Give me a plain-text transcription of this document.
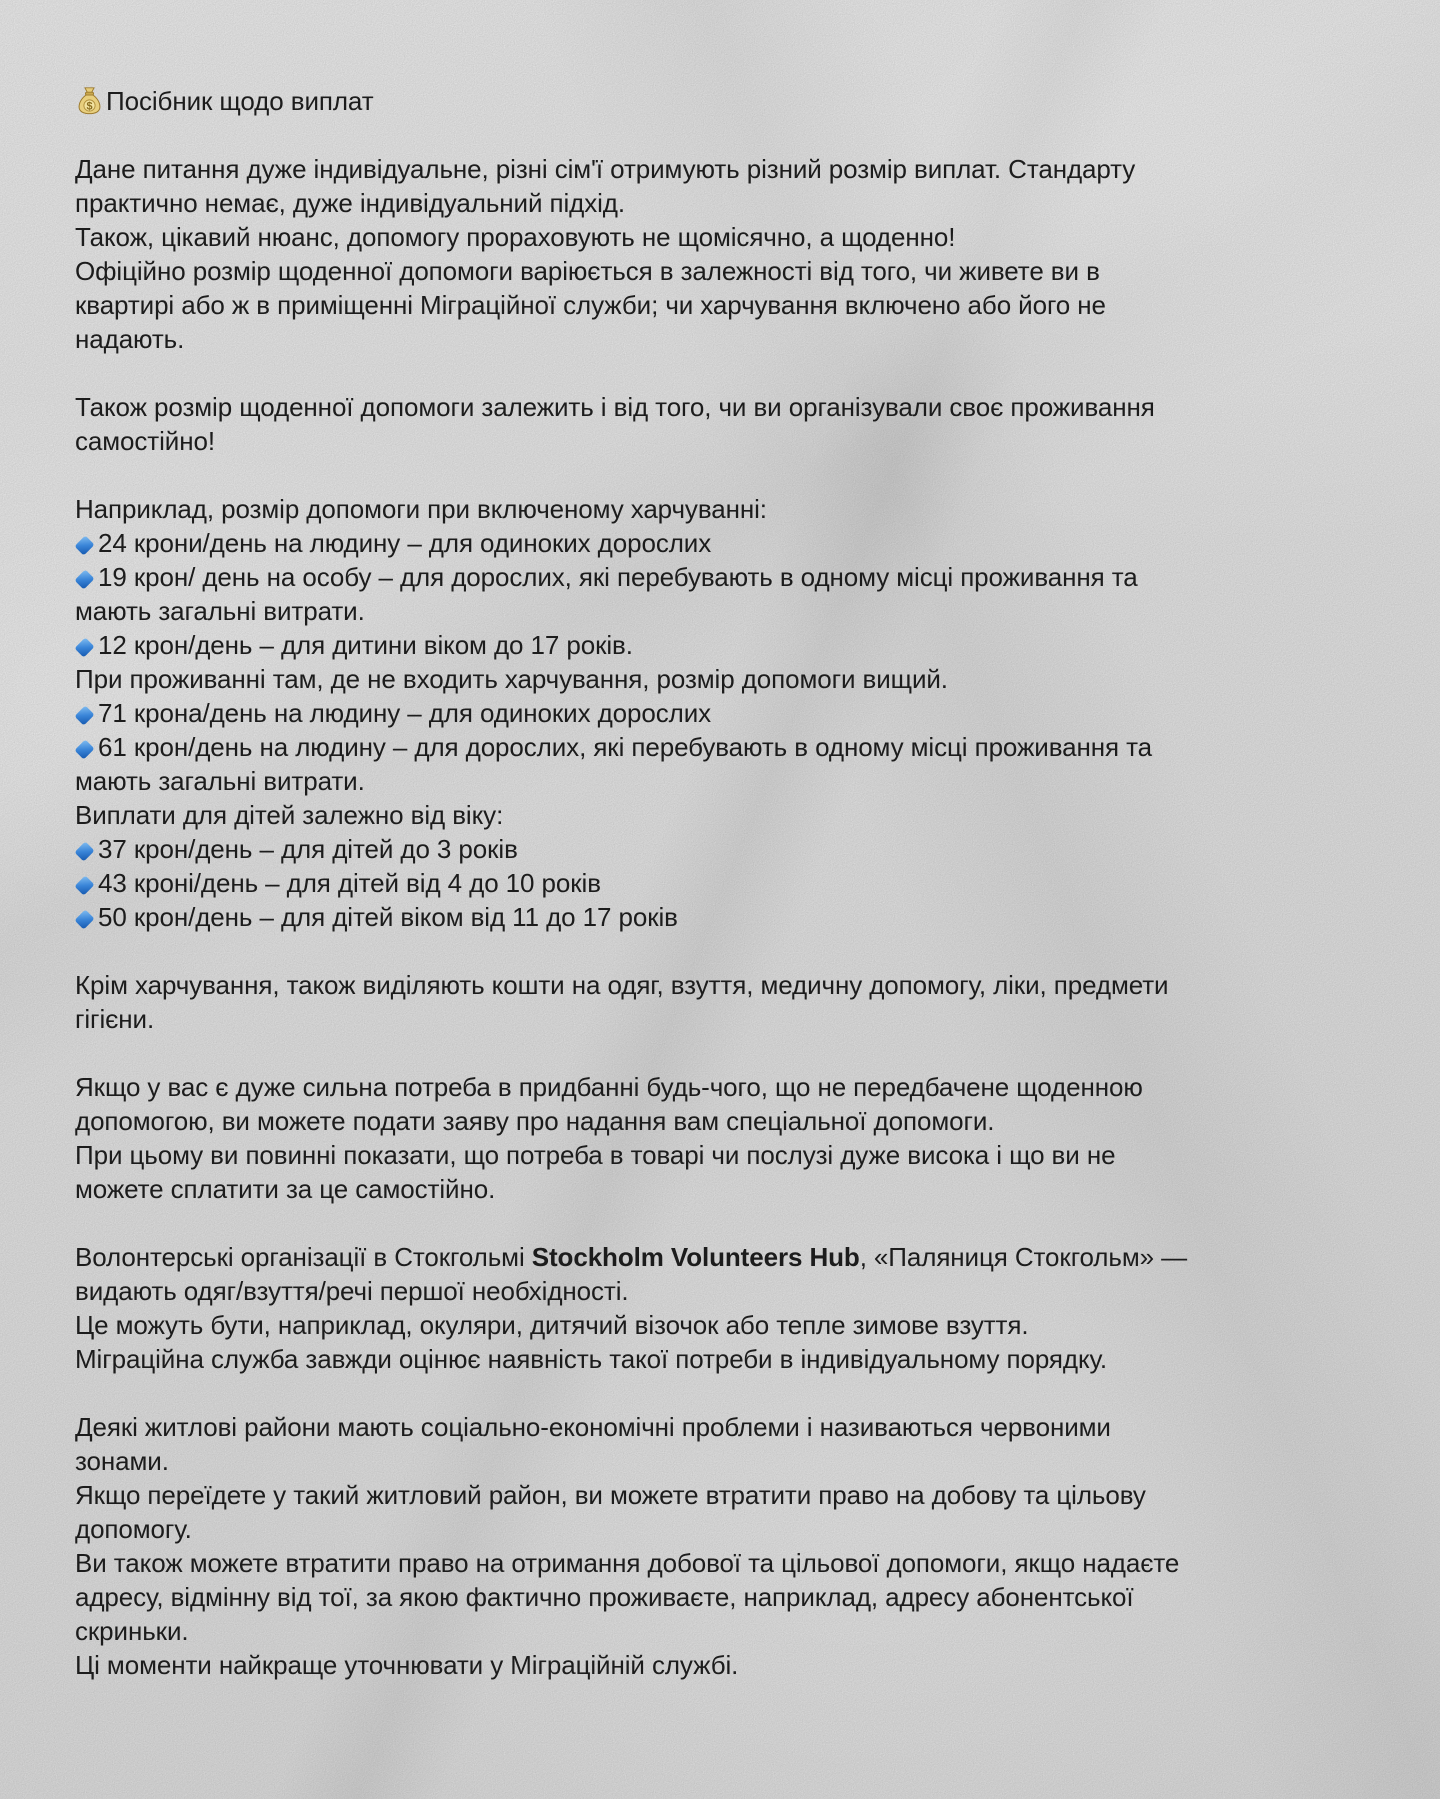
$ Посібник щодо виплат
Дане питання дуже індивідуальне, різні сім'ї отримують різний розмір виплат. Стандарту практично немає, дуже індивідуальний підхід.
Також, цікавий нюанс, допомогу прораховують не щомісячно, а щоденно!
Офіційно розмір щоденної допомоги варіюється в залежності від того, чи живете ви в квартирі або ж в приміщенні Міграційної служби; чи харчування включено або його не надають.
Також розмір щоденної допомоги залежить і від того, чи ви організували своє проживання самостійно!
Наприклад, розмір допомоги при включеному харчуванні:
24 крони/день на людину – для одиноких дорослих
19 крон/ день на особу – для дорослих, які перебувають в одному місці проживання та мають загальні витрати.
12 крон/день – для дитини віком до 17 років.
При проживанні там, де не входить харчування, розмір допомоги вищий.
71 крона/день на людину – для одиноких дорослих
61 крон/день на людину – для дорослих, які перебувають в одному місці проживання та мають загальні витрати.
Виплати для дітей залежно від віку:
37 крон/день – для дітей до 3 років
43 кроні/день – для дітей від 4 до 10 років
50 крон/день – для дітей віком від 11 до 17 років
Крім харчування, також виділяють кошти на одяг, взуття, медичну допомогу, ліки, предмети гігієни.
Якщо у вас є дуже сильна потреба в придбанні будь-чого, що не передбачене щоденною допомогою, ви можете подати заяву про надання вам спеціальної допомоги.
При цьому ви повинні показати, що потреба в товарі чи послузі дуже висока і що ви не можете сплатити за це самостійно.
Волонтерські організації в Стокгольмі Stockholm Volunteers Hub, «Паляниця Стокгольм» — видають одяг/взуття/речі першої необхідності.
Це можуть бути, наприклад, окуляри, дитячий візочок або тепле зимове взуття.
Міграційна служба завжди оцінює наявність такої потреби в індивідуальному порядку.
Деякі житлові райони мають соціально-економічні проблеми і називаються червоними зонами.
Якщо переїдете у такий житловий район, ви можете втратити право на добову та цільову допомогу.
Ви також можете втратити право на отримання добової та цільової допомоги, якщо надаєте адресу, відмінну від тої, за якою фактично проживаєте, наприклад, адресу абонентської скриньки.
Ці моменти найкраще уточнювати у Міграційній службі.
